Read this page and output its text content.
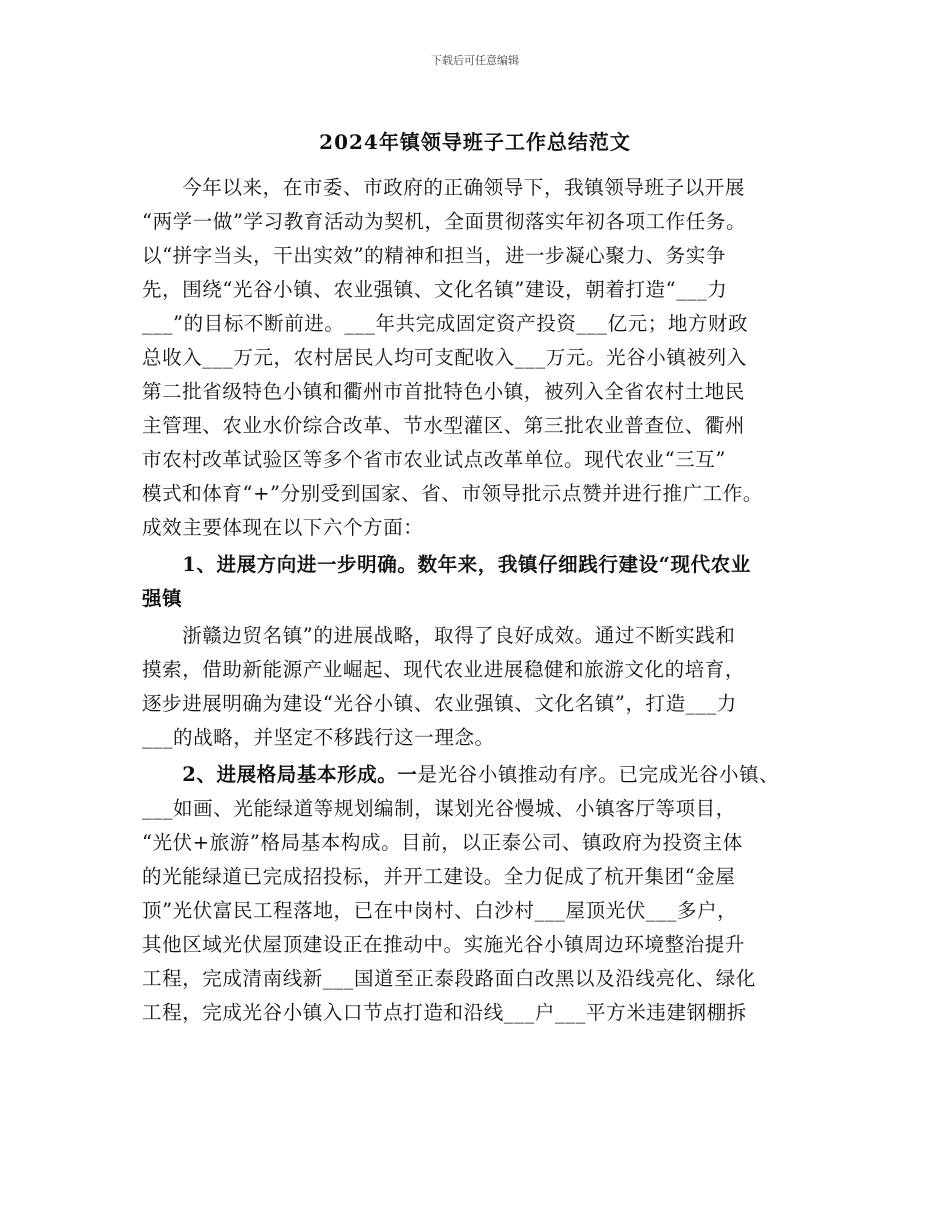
下载后可任意编辑
2024年镇领导班子工作总结范文
　　今年以来，在市委、市政府的正确领导下，我镇领导班子以开展
“两学一做”学习教育活动为契机，全面贯彻落实年初各项工作任务。
以“拼字当头，干出实效”的精神和担当，进一步凝心聚力、务实争
先，围绕“光谷小镇、农业强镇、文化名镇”建设，朝着打造“___力
___”的目标不断前进。___年共完成固定资产投资___亿元；地方财政
总收入___万元，农村居民人均可支配收入___万元。光谷小镇被列入
第二批省级特色小镇和衢州市首批特色小镇，被列入全省农村土地民
主管理、农业水价综合改革、节水型灌区、第三批农业普查位、衢州
市农村改革试验区等多个省市农业试点改革单位。现代农业“三互”
模式和体育“+”分别受到国家、省、市领导批示点赞并进行推广工作。
成效主要体现在以下六个方面：
　　1、进展方向进一步明确。数年来，我镇仔细践行建设“现代农业
强镇
　　浙赣边贸名镇”的进展战略，取得了良好成效。通过不断实践和
摸索，借助新能源产业崛起、现代农业进展稳健和旅游文化的培育，
逐步进展明确为建设“光谷小镇、农业强镇、文化名镇”，打造___力
___的战略，并坚定不移践行这一理念。
　　2、进展格局基本形成。一是光谷小镇推动有序。已完成光谷小镇、
___如画、光能绿道等规划编制，谋划光谷慢城、小镇客厅等项目，
“光伏+旅游”格局基本构成。目前，以正泰公司、镇政府为投资主体
的光能绿道已完成招投标，并开工建设。全力促成了杭开集团“金屋
顶”光伏富民工程落地，已在中岗村、白沙村___屋顶光伏___多户，
其他区域光伏屋顶建设正在推动中。实施光谷小镇周边环境整治提升
工程，完成清南线新___国道至正泰段路面白改黑以及沿线亮化、绿化
工程，完成光谷小镇入口节点打造和沿线___户___平方米违建钢棚拆
